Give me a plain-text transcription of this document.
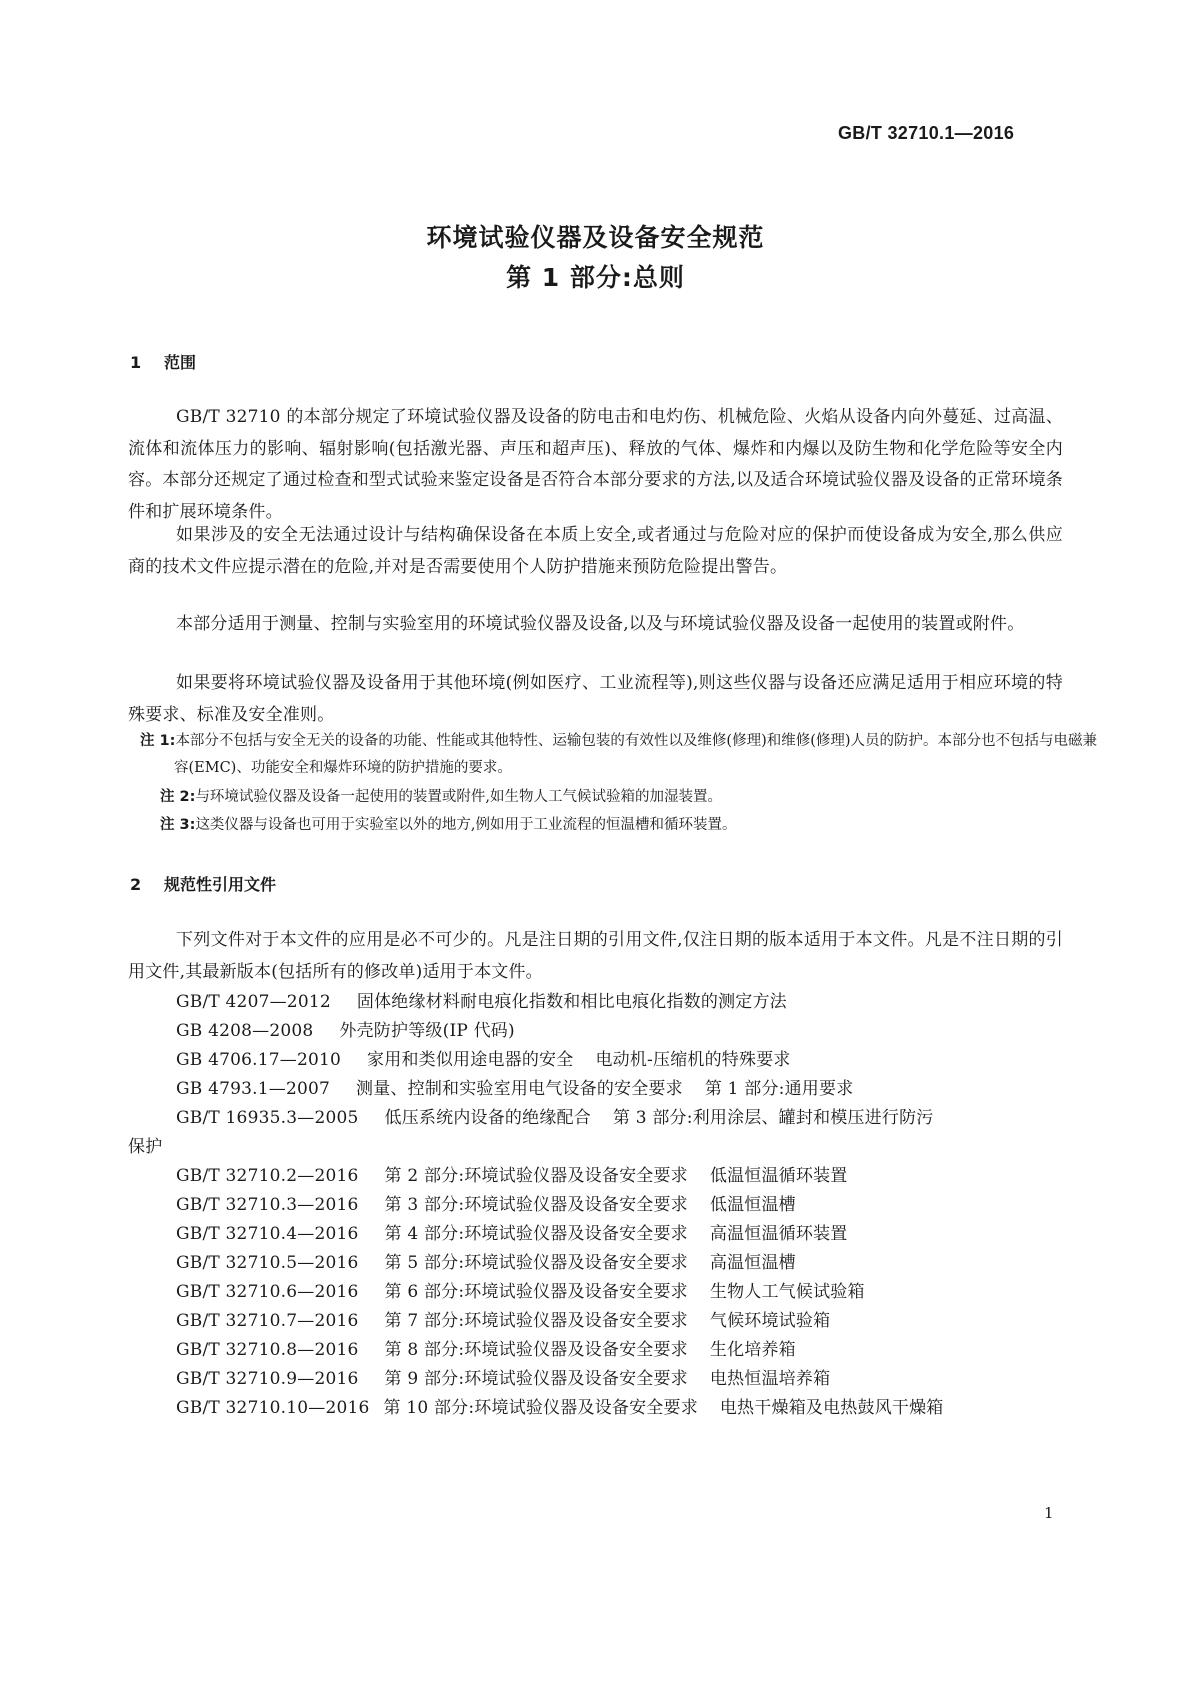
GB/T 32710.1—2016
环境试验仪器及设备安全规范
第 1 部分:总则
1 范围
GB/T 32710 的本部分规定了环境试验仪器及设备的防电击和电灼伤、机械危险、火焰从设备内向外蔓延、过高温、流体和流体压力的影响、辐射影响(包括激光器、声压和超声压)、释放的气体、爆炸和内爆以及防生物和化学危险等安全内容。本部分还规定了通过检查和型式试验来鉴定设备是否符合本部分要求的方法,以及适合环境试验仪器及设备的正常环境条件和扩展环境条件。
如果涉及的安全无法通过设计与结构确保设备在本质上安全,或者通过与危险对应的保护而使设备成为安全,那么供应商的技术文件应提示潜在的危险,并对是否需要使用个人防护措施来预防危险提出警告。
本部分适用于测量、控制与实验室用的环境试验仪器及设备,以及与环境试验仪器及设备一起使用的装置或附件。
如果要将环境试验仪器及设备用于其他环境(例如医疗、工业流程等),则这些仪器与设备还应满足适用于相应环境的特殊要求、标准及安全准则。
注 1:本部分不包括与安全无关的设备的功能、性能或其他特性、运输包装的有效性以及维修(修理)和维修(修理)人员的防护。本部分也不包括与电磁兼容(EMC)、功能安全和爆炸环境的防护措施的要求。
注 2:与环境试验仪器及设备一起使用的装置或附件,如生物人工气候试验箱的加湿装置。
注 3:这类仪器与设备也可用于实验室以外的地方,例如用于工业流程的恒温槽和循环装置。
2 规范性引用文件
下列文件对于本文件的应用是必不可少的。凡是注日期的引用文件,仅注日期的版本适用于本文件。凡是不注日期的引用文件,其最新版本(包括所有的修改单)适用于本文件。
GB/T 4207—2012 固体绝缘材料耐电痕化指数和相比电痕化指数的测定方法
GB 4208—2008 外壳防护等级(IP 代码)
GB 4706.17—2010 家用和类似用途电器的安全 电动机-压缩机的特殊要求
GB 4793.1—2007 测量、控制和实验室用电气设备的安全要求 第 1 部分:通用要求
GB/T 16935.3—2005 低压系统内设备的绝缘配合 第 3 部分:利用涂层、罐封和模压进行防污
保护
GB/T 32710.2—2016 第 2 部分:环境试验仪器及设备安全要求 低温恒温循环装置
GB/T 32710.3—2016 第 3 部分:环境试验仪器及设备安全要求 低温恒温槽
GB/T 32710.4—2016 第 4 部分:环境试验仪器及设备安全要求 高温恒温循环装置
GB/T 32710.5—2016 第 5 部分:环境试验仪器及设备安全要求 高温恒温槽
GB/T 32710.6—2016 第 6 部分:环境试验仪器及设备安全要求 生物人工气候试验箱
GB/T 32710.7—2016 第 7 部分:环境试验仪器及设备安全要求 气候环境试验箱
GB/T 32710.8—2016 第 8 部分:环境试验仪器及设备安全要求 生化培养箱
GB/T 32710.9—2016 第 9 部分:环境试验仪器及设备安全要求 电热恒温培养箱
GB/T 32710.10—2016 第 10 部分:环境试验仪器及设备安全要求 电热干燥箱及电热鼓风干燥箱
1
